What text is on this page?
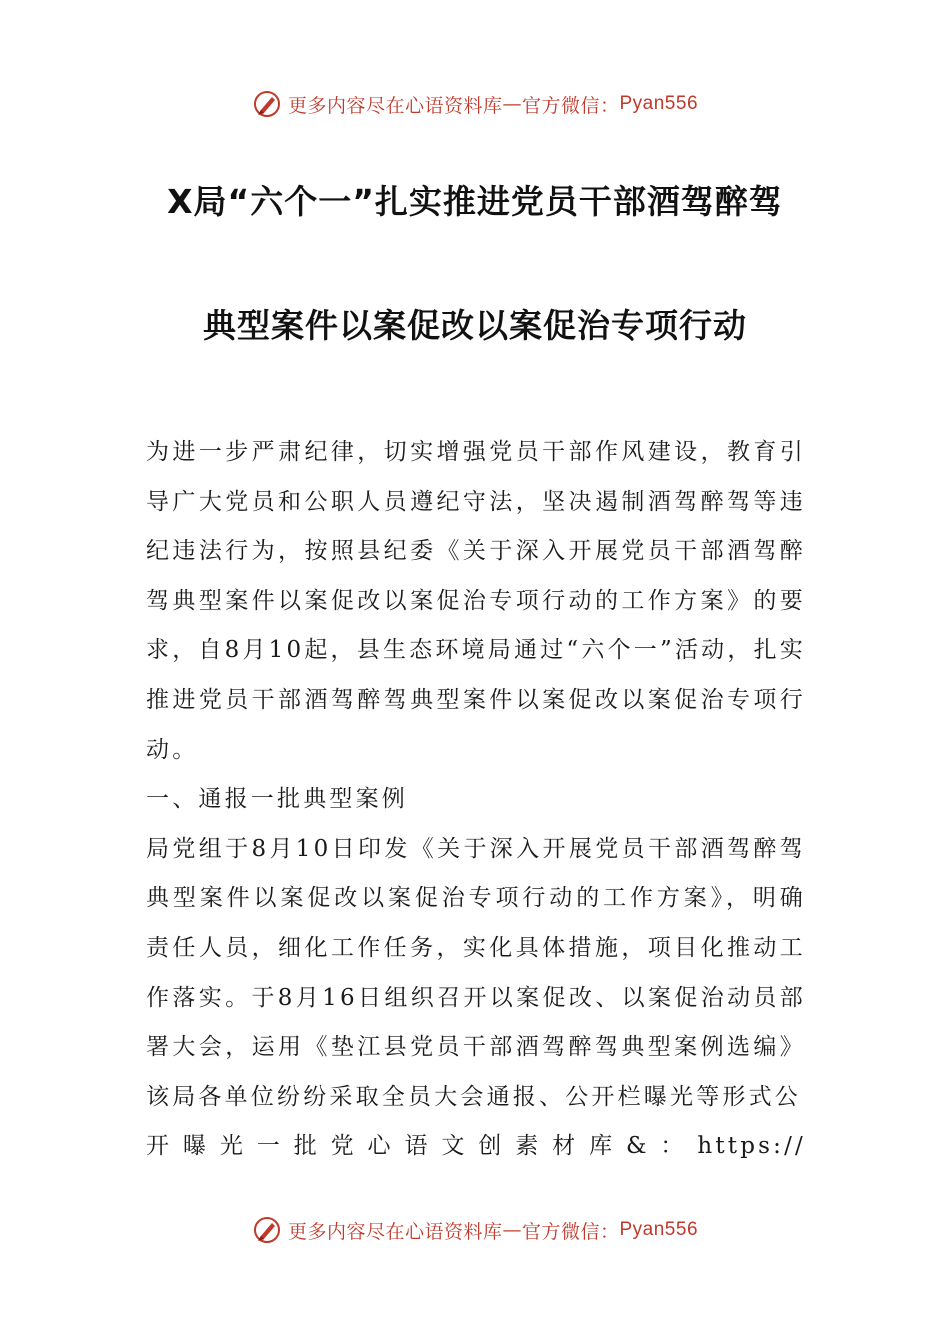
更多内容尽在心语资料库 — 官方微信： Pyan556
X局“六个一”扎实推进党员干部酒驾醉驾
典型案件以案促改以案促治专项行动

为进一步严肃纪律，切实增强党员干部作风建设，教育引导广大党员和公职人员遵纪守法，坚决遏制酒驾醉驾等违纪违法行为，按照县纪委《关于深入开展党员干部酒驾醉驾典型案件以案促改以案促治专项行动的工作方案》的要求，自8月10起，县生态环境局通过“六个一”活动，扎实推进党员干部酒驾醉驾典型案件以案促改以案促治专项行动。

一、通报一批典型案例

局党组于8月10日印发《关于深入开展党员干部酒驾醉驾典型案件以案促改以案促治专项行动的工作方案》，明确责任人员，细化工作任务，实化具体措施，项目化推动工作落实。于8月16日组织召开以案促改、以案促治动员部署大会，运用《垫江县党员干部酒驾醉驾典型案例选编》该局各单位纷纷采取全员大会通报、公开栏曝光等形式公

开曝光一批党心语文创素材库&：https://

更多内容尽在心语资料库 — 官方微信： Pyan556
